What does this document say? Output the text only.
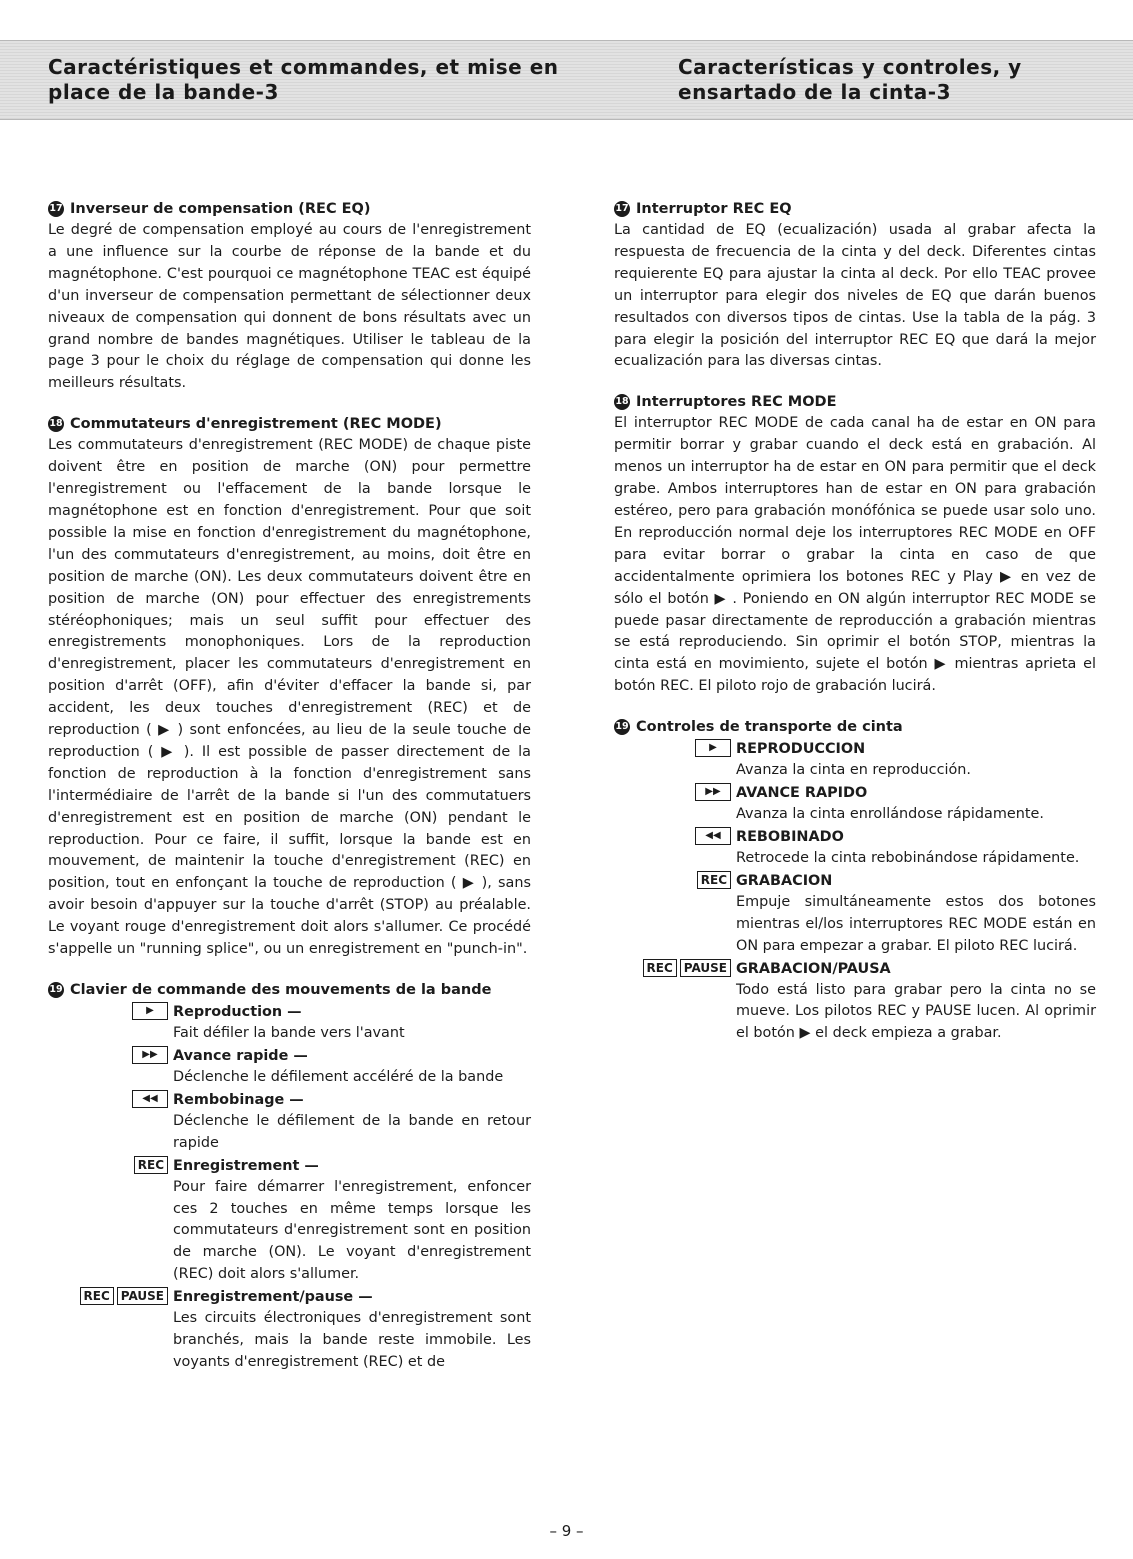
Caractéristiques et commandes, et mise en place de la bande-3
Características y controles, y ensartado de la cinta-3
17 Inverseur de compensation (REC EQ)

Le degré de compensation employé au cours de l'enregistrement a une influence sur la courbe de réponse de la bande et du magnétophone. C'est pourquoi ce magnétophone TEAC est équipé d'un inverseur de compensation permettant de sélectionner deux niveaux de compensation qui donnent de bons résultats avec un grand nombre de bandes magnétiques. Utiliser le tableau de la page 3 pour le choix du réglage de compensation qui donne les meilleurs résultats.

18 Commutateurs d'enregistrement (REC MODE)

Les commutateurs d'enregistrement (REC MODE) de chaque piste doivent être en position de marche (ON) pour permettre l'enregistrement ou l'effacement de la bande lorsque le magnétophone est en fonction d'enregistrement. Pour que soit possible la mise en fonction d'enregistrement du magnétophone, l'un des commutateurs d'enregistrement, au moins, doit être en position de marche (ON). Les deux commutateurs doivent être en position de marche (ON) pour effectuer des enregistrements stéréophoniques; mais un seul suffit pour effectuer des enregistrements monophoniques. Lors de la reproduction d'enregistrement, placer les commutateurs d'enregistrement en position d'arrêt (OFF), afin d'éviter d'effacer la bande si, par accident, les deux touches d'enregistrement (REC) et de reproduction ( ▶ ) sont enfoncées, au lieu de la seule touche de reproduction ( ▶ ). Il est possible de passer directement de la fonction de reproduction à la fonction d'enregistrement sans l'intermédiaire de l'arrêt de la bande si l'un des commutatuers d'enregistrement est en position de marche (ON) pendant le reproduction. Pour ce faire, il suffit, lorsque la bande est en mouvement, de maintenir la touche d'enregistrement (REC) en position, tout en enfonçant la touche de reproduction ( ▶ ), sans avoir besoin d'appuyer sur la touche d'arrêt (STOP) au préalable. Le voyant rouge d'enregistrement doit alors s'allumer. Ce procédé s'appelle un "running splice", ou un enregistrement en "punch-in".

19 Clavier de commande des mouvements de la bande
▶	Reproduction —

Fait défiler la bande vers l'avant

▶▶	Avance rapide —

Déclenche le défilement accéléré de la bande

◀◀	Rembobinage —

Déclenche le défilement de la bande en retour rapide

REC Enregistrement —

Pour faire démarrer l'enregistrement, enfoncer ces 2 touches en même temps lorsque les commutateurs d'enregistrement sont en position de marche (ON). Le voyant d'enregistrement (REC) doit alors s'allumer.

REC PAUSE Enregistrement/pause —

Les circuits électroniques d'enregistrement sont branchés, mais la bande reste immobile. Les voyants d'enregistrement (REC) et de

17 Interruptor REC EQ

La cantidad de EQ (ecualización) usada al grabar afecta la respuesta de frecuencia de la cinta y del deck. Diferentes cintas requierente EQ para ajustar la cinta al deck. Por ello TEAC provee un interruptor para elegir dos niveles de EQ que darán buenos resultados con diversos tipos de cintas. Use la tabla de la pág. 3 para elegir la posición del interruptor REC EQ que dará la mejor ecualización para las diversas cintas.

18 Interruptores REC MODE

El interruptor REC MODE de cada canal ha de estar en ON para permitir borrar y grabar cuando el deck está en grabación. Al menos un interruptor ha de estar en ON para permitir que el deck grabe. Ambos interruptores han de estar en ON para grabación estéreo, pero para grabación monófónica se puede usar solo uno. En reproducción normal deje los interruptores REC MODE en OFF para evitar borrar o grabar la cinta en caso de que accidentalmente oprimiera los botones REC y Play ▶ en vez de sólo el botón ▶ . Poniendo en ON algún interruptor REC MODE se puede pasar directamente de reproducción a grabación mientras se está reproduciendo. Sin oprimir el botón STOP, mientras la cinta está en movimiento, sujete el botón ▶ mientras aprieta el botón REC. El piloto rojo de grabación lucirá.

19 Controles de transporte de cinta
▶	REPRODUCCION

Avanza la cinta en reproducción.

▶▶	AVANCE RAPIDO

Avanza la cinta enrollándose rápidamente.

◀◀	REBOBINADO

Retrocede la cinta rebobinándose rápidamente.

REC GRABACION

Empuje simultáneamente estos dos botones mientras el/los interruptores REC MODE están en ON para empezar a grabar. El piloto REC lucirá.

REC PAUSE GRABACION/PAUSA

Todo está listo para grabar pero la cinta no se mueve. Los pilotos REC y PAUSE lucen. Al oprimir el botón ▶ el deck empieza a grabar.

– 9 –
